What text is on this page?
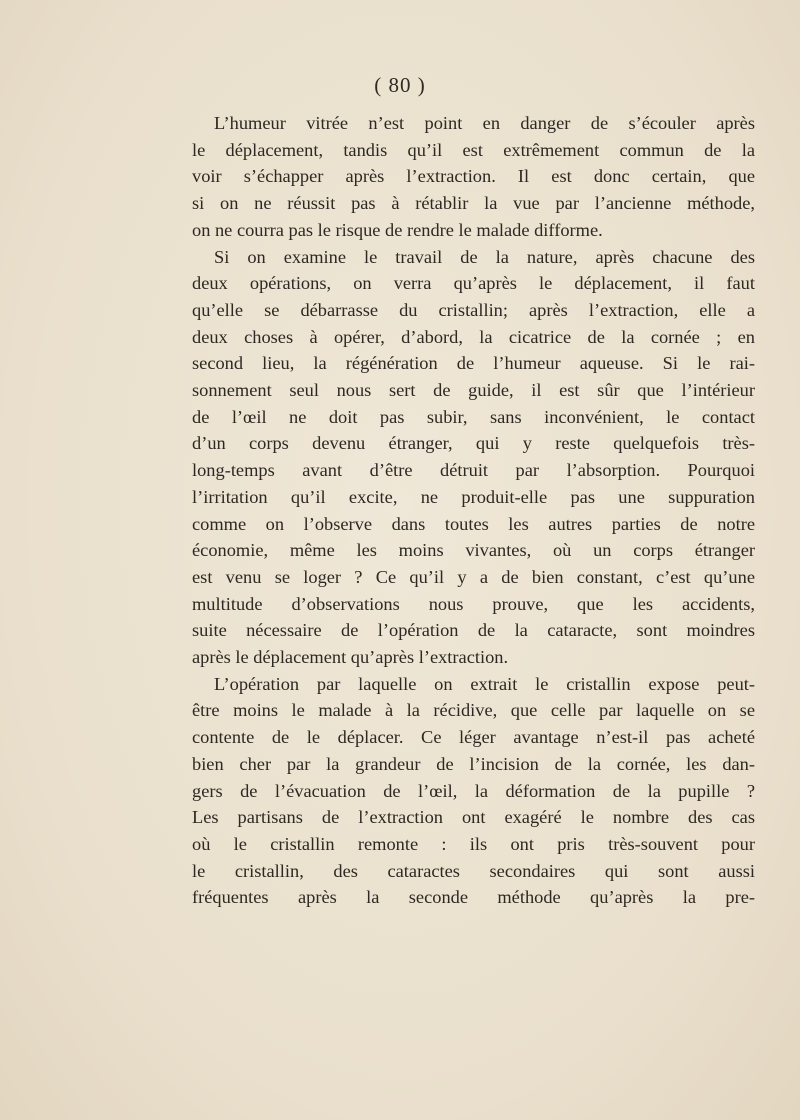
( 80 )

L’humeur vitrée n’est point en danger de s’écouler après
le déplacement, tandis qu’il est extrêmement commun de la
voir s’échapper après l’extraction. Il est donc certain, que
si on ne réussit pas à rétablir la vue par l’ancienne méthode,
on ne courra pas le risque de rendre le malade difforme.

Si on examine le travail de la nature, après chacune des
deux opérations, on verra qu’après le déplacement, il faut
qu’elle se débarrasse du cristallin; après l’extraction, elle a
deux choses à opérer, d’abord, la cicatrice de la cornée ; en
second lieu, la régénération de l’humeur aqueuse. Si le rai-
sonnement seul nous sert de guide, il est sûr que l’intérieur
de l’œil ne doit pas subir, sans inconvénient, le contact
d’un corps devenu étranger, qui y reste quelquefois très-
long-temps avant d’être détruit par l’absorption. Pourquoi
l’irritation qu’il excite, ne produit-elle pas une suppuration
comme on l’observe dans toutes les autres parties de notre
économie, même les moins vivantes, où un corps étranger
est venu se loger ? Ce qu’il y a de bien constant, c’est qu’une
multitude d’observations nous prouve, que les accidents,
suite nécessaire de l’opération de la cataracte, sont moindres
après le déplacement qu’après l’extraction.

L’opération par laquelle on extrait le cristallin expose peut-
être moins le malade à la récidive, que celle par laquelle on se
contente de le déplacer. Ce léger avantage n’est-il pas acheté
bien cher par la grandeur de l’incision de la cornée, les dan-
gers de l’évacuation de l’œil, la déformation de la pupille ?
Les partisans de l’extraction ont exagéré le nombre des cas
où le cristallin remonte : ils ont pris très-souvent pour
le cristallin, des cataractes secondaires qui sont aussi
fréquentes après la seconde méthode qu’après la pre-
